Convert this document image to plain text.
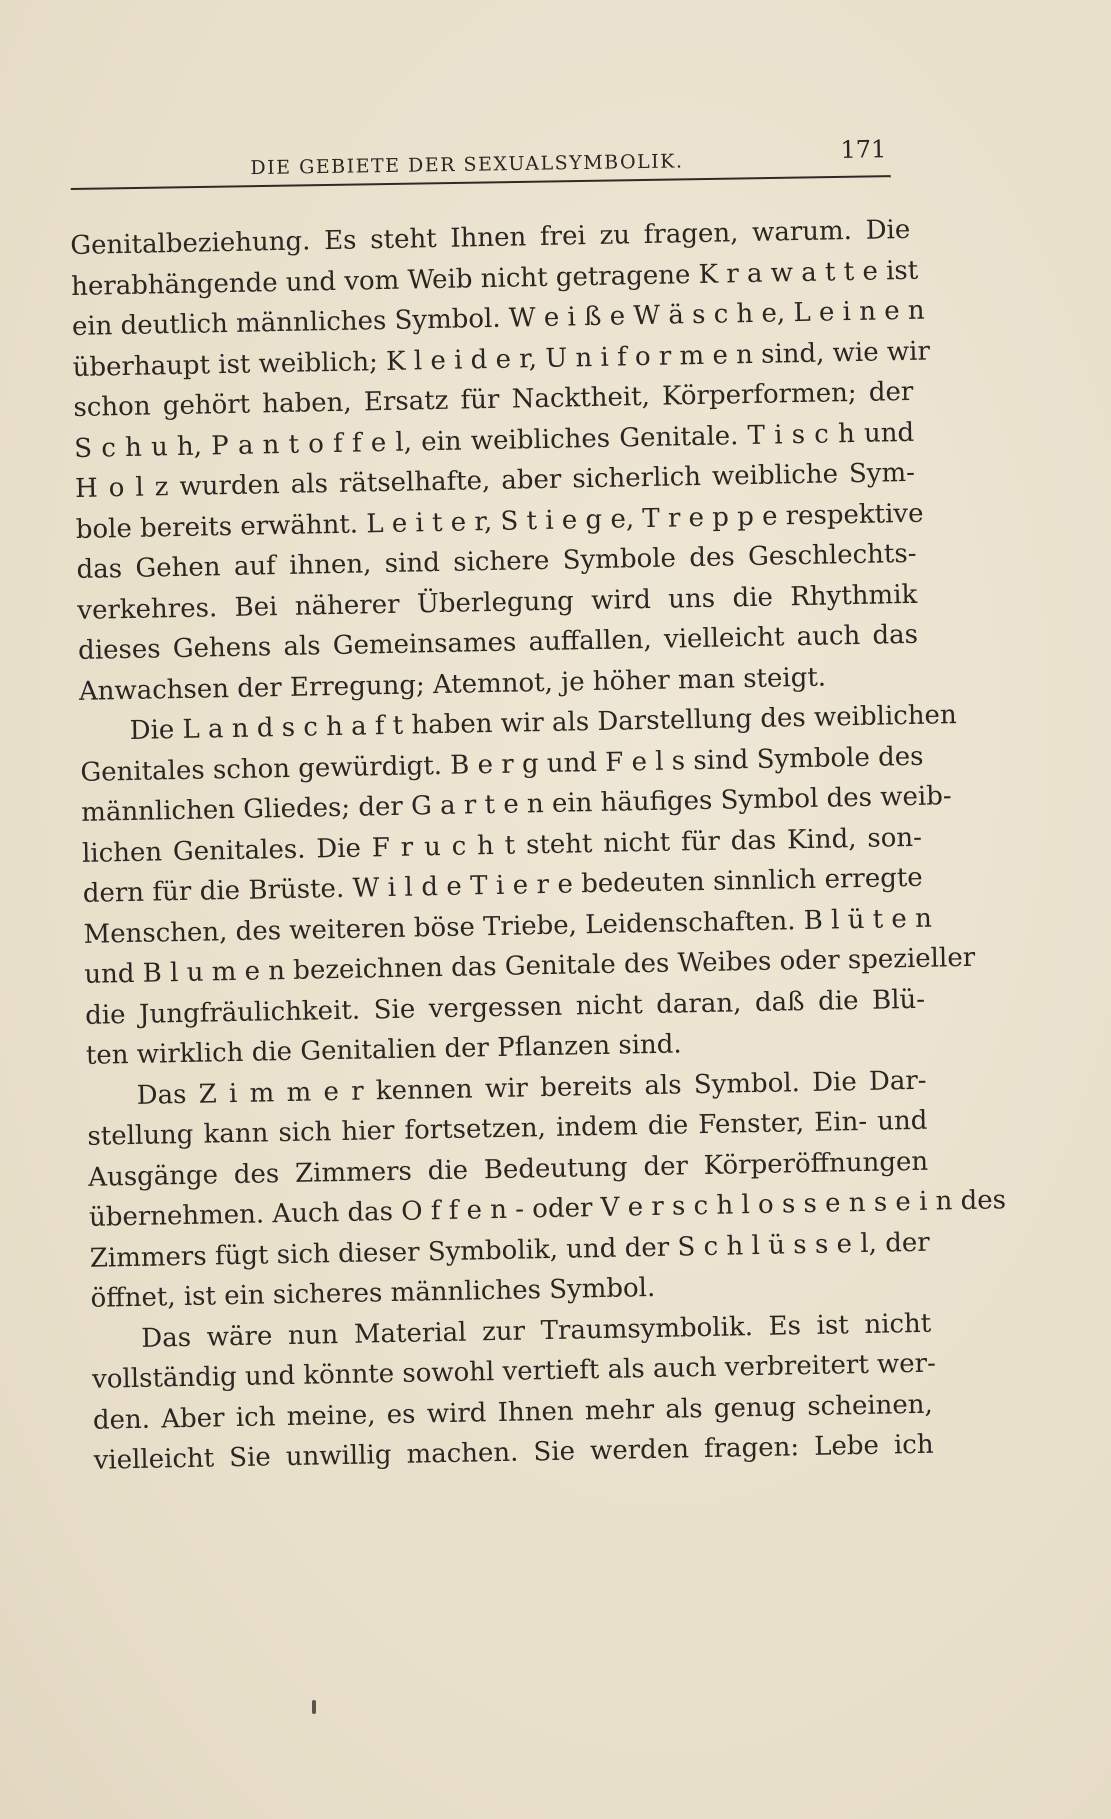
DIE GEBIETE DER SEXUALSYMBOLIK.
171
Genitalbeziehung. Es steht Ihnen frei zu fragen, warum. Die
herabhängende und vom Weib nicht getragene K r a w a t t e ist
ein deutlich männliches Symbol. W e i ß e W ä s c h e, L e i n e n
überhaupt ist weiblich; K l e i d e r, U n i f o r m e n sind, wie wir
schon gehört haben, Ersatz für Nacktheit, Körperformen; der
S c h u h, P a n t o f f e l, ein weibliches Genitale. T i s c h und
H o l z wurden als rätselhafte, aber sicherlich weibliche Sym-
bole bereits erwähnt. L e i t e r, S t i e g e, T r e p p e respektive
das Gehen auf ihnen, sind sichere Symbole des Geschlechts-
verkehres. Bei näherer Überlegung wird uns die Rhythmik
dieses Gehens als Gemeinsames auffallen, vielleicht auch das
Anwachsen der Erregung; Atemnot, je höher man steigt.
Die L a n d s c h a f t haben wir als Darstellung des weiblichen
Genitales schon gewürdigt. B e r g und F e l s sind Symbole des
männlichen Gliedes; der G a r t e n ein häufiges Symbol des weib-
lichen Genitales. Die F r u c h t steht nicht für das Kind, son-
dern für die Brüste. W i l d e T i e r e bedeuten sinnlich erregte
Menschen, des weiteren böse Triebe, Leidenschaften. B l ü t e n
und B l u m e n bezeichnen das Genitale des Weibes oder spezieller
die Jungfräulichkeit. Sie vergessen nicht daran, daß die Blü-
ten wirklich die Genitalien der Pflanzen sind.
Das Z i m m e r kennen wir bereits als Symbol. Die Dar-
stellung kann sich hier fortsetzen, indem die Fenster, Ein- und
Ausgänge des Zimmers die Bedeutung der Körperöffnungen
übernehmen. Auch das O f f e n - oder V e r s c h l o s s e n s e i n des
Zimmers fügt sich dieser Symbolik, und der S c h l ü s s e l, der
öffnet, ist ein sicheres männliches Symbol.
Das wäre nun Material zur Traumsymbolik. Es ist nicht
vollständig und könnte sowohl vertieft als auch verbreitert wer-
den. Aber ich meine, es wird Ihnen mehr als genug scheinen,
vielleicht Sie unwillig machen. Sie werden fragen: Lebe ich
